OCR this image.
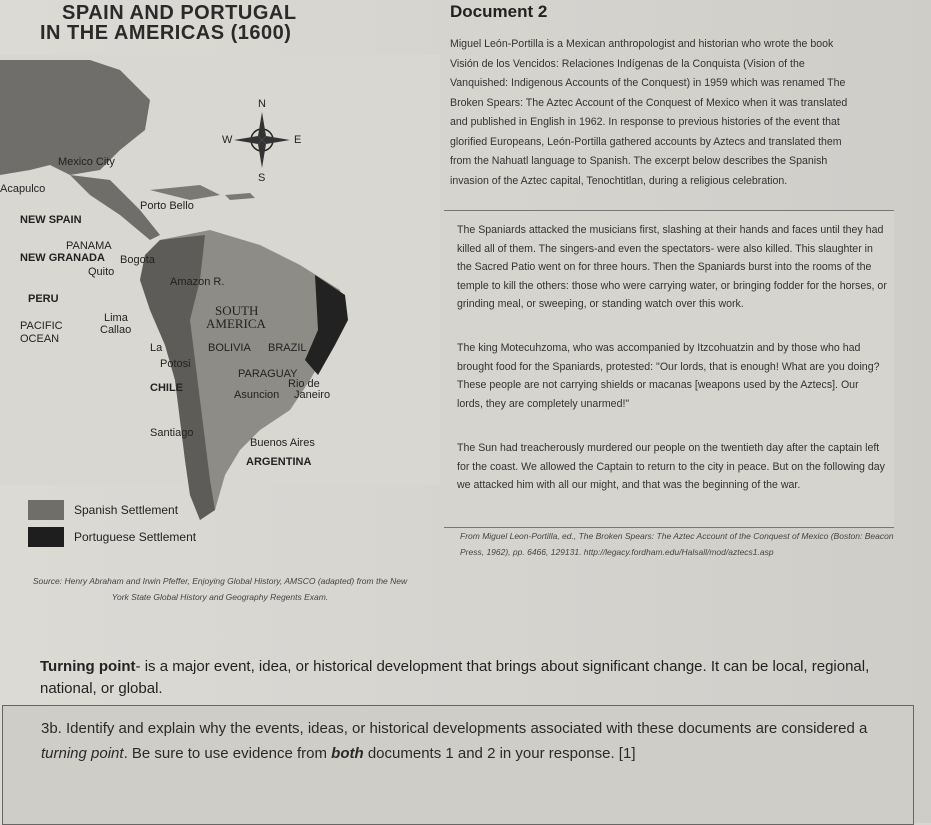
SPAIN AND PORTUGAL
IN THE AMERICAS (1600)
N
S
W	E
Mexico City
Acapulco
Porto Bello
NEW SPAIN
PANAMA
NEW GRANADA Bogota
Quito
Amazon R.
PERU
SOUTH
AMERICA
Lima
Callao
PACIFIC
OCEAN
La	BOLIVIA BRAZIL
Potosi
PARAGUAY
Rio de
Janeiro
CHILE
Asuncion
Santiago
Buenos Aires
ARGENTINA
Spanish Settlement
Portuguese Settlement
Source: Henry Abraham and Irwin Pfeffer, Enjoying Global History, AMSCO (adapted) from the New
York State Global History and Geography Regents Exam.
Document 2
Miguel León-Portilla is a Mexican anthropologist and historian who wrote the book Visión de los Vencidos: Relaciones Indígenas de la Conquista (Vision of the Vanquished: Indigenous Accounts of the Conquest) in 1959 which was renamed The Broken Spears: The Aztec Account of the Conquest of Mexico when it was translated and published in English in 1962. In response to previous histories of the event that glorified Europeans, León-Portilla gathered accounts by Aztecs and translated them from the Nahuatl language to Spanish. The excerpt below describes the Spanish invasion of the Aztec capital, Tenochtitlan, during a religious celebration.
The Spaniards attacked the musicians first, slashing at their hands and faces until they had killed all of them. The singers-and even the spectators- were also killed. This slaughter in the Sacred Patio went on for three hours. Then the Spaniards burst into the rooms of the temple to kill the others: those who were carrying water, or bringing fodder for the horses, or grinding meal, or sweeping, or standing watch over this work.
The king Motecuhzoma, who was accompanied by Itzcohuatzin and by those who had brought food for the Spaniards, protested: "Our lords, that is enough! What are you doing? These people are not carrying shields or macanas [weapons used by the Aztecs]. Our lords, they are completely unarmed!"
The Sun had treacherously murdered our people on the twentieth day after the captain left for the coast. We allowed the Captain to return to the city in peace. But on the following day we attacked him with all our might, and that was the beginning of the war.
From Miguel Leon-Portilla, ed., The Broken Spears: The Aztec Account of the Conquest of Mexico (Boston: Beacon Press, 1962), pp. 6466, 129131. http://legacy.fordham.edu/Halsall/mod/aztecs1.asp
Turning point- is a major event, idea, or historical development that brings about significant change. It can be local, regional, national, or global.
3b. Identify and explain why the events, ideas, or historical developments associated with these documents are considered a turning point. Be sure to use evidence from both documents 1 and 2 in your response. [1]
